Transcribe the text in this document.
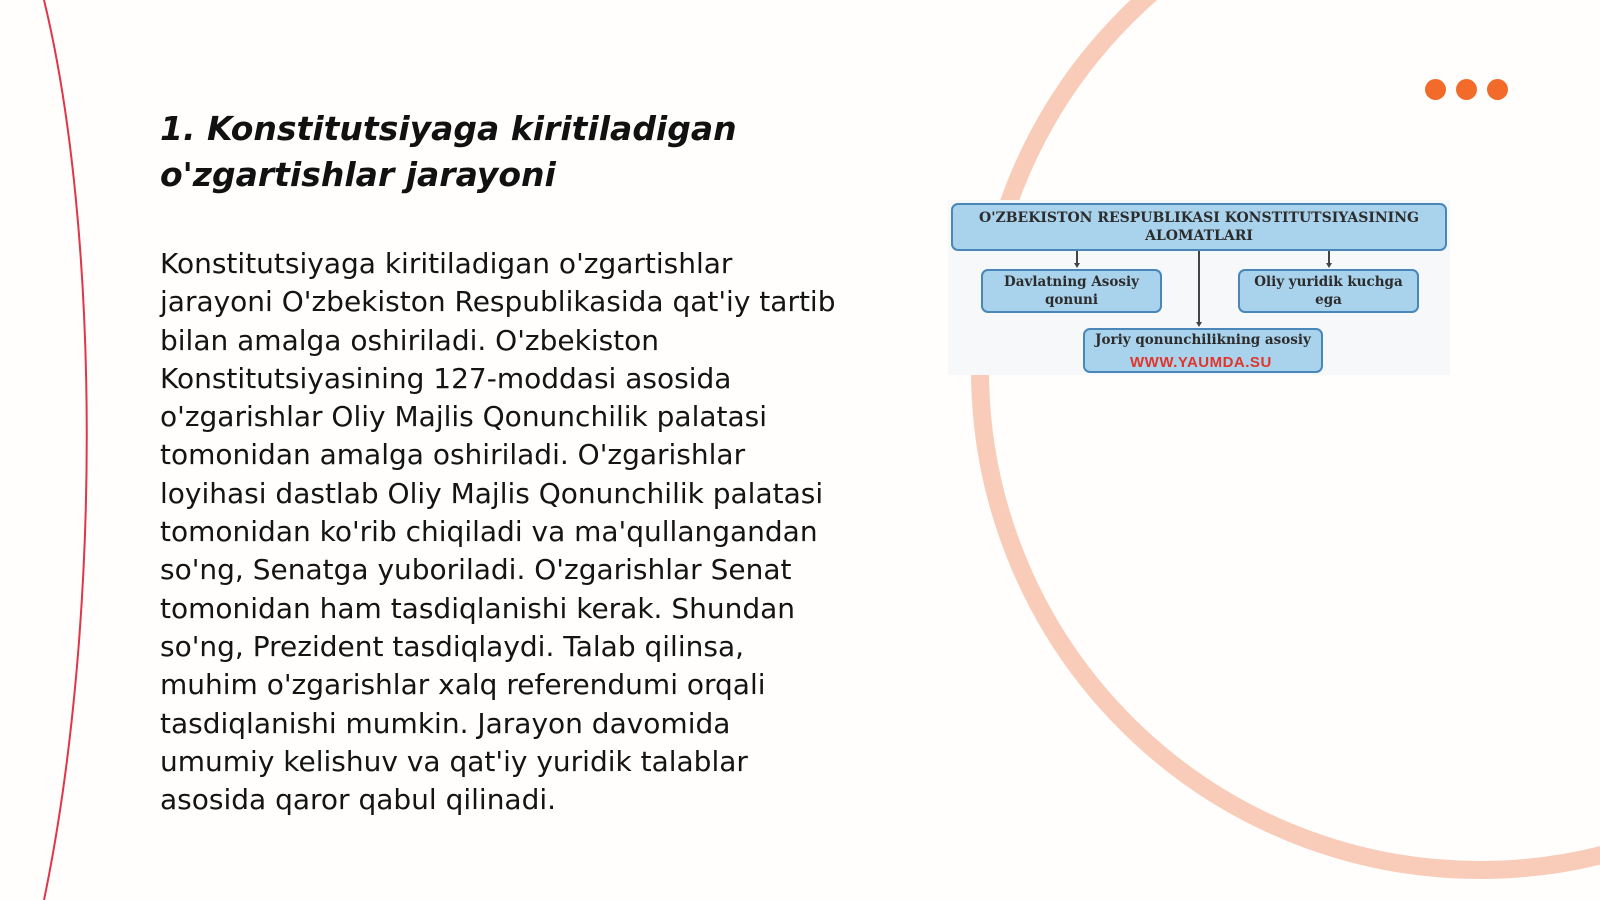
1. Konstitutsiyaga kiritiladigan o'zgartishlar jarayoni

Konstitutsiyaga kiritiladigan o'zgartishlar jarayoni O'zbekiston Respublikasida qat'iy tartib bilan amalga oshiriladi. O'zbekiston Konstitutsiyasining 127-moddasi asosida o'zgarishlar Oliy Majlis Qonunchilik palatasi tomonidan amalga oshiriladi. O'zgarishlar loyihasi dastlab Oliy Majlis Qonunchilik palatasi tomonidan ko'rib chiqiladi va ma'qullangandan so'ng, Senatga yuboriladi. O'zgarishlar Senat tomonidan ham tasdiqlanishi kerak. Shundan so'ng, Prezident tasdiqlaydi. Talab qilinsa, muhim o'zgarishlar xalq referendumi orqali tasdiqlanishi mumkin. Jarayon davomida umumiy kelishuv va qat'iy yuridik talablar asosida qaror qabul qilinadi.

O'ZBEKISTON RESPUBLIKASI KONSTITUTSIYASINING ALOMATLARI
Davlatning Asosiy qonuni
Oliy yuridik kuchga ega
Joriy qonunchilikning asosiy
WWW.YAUMDA.SU
